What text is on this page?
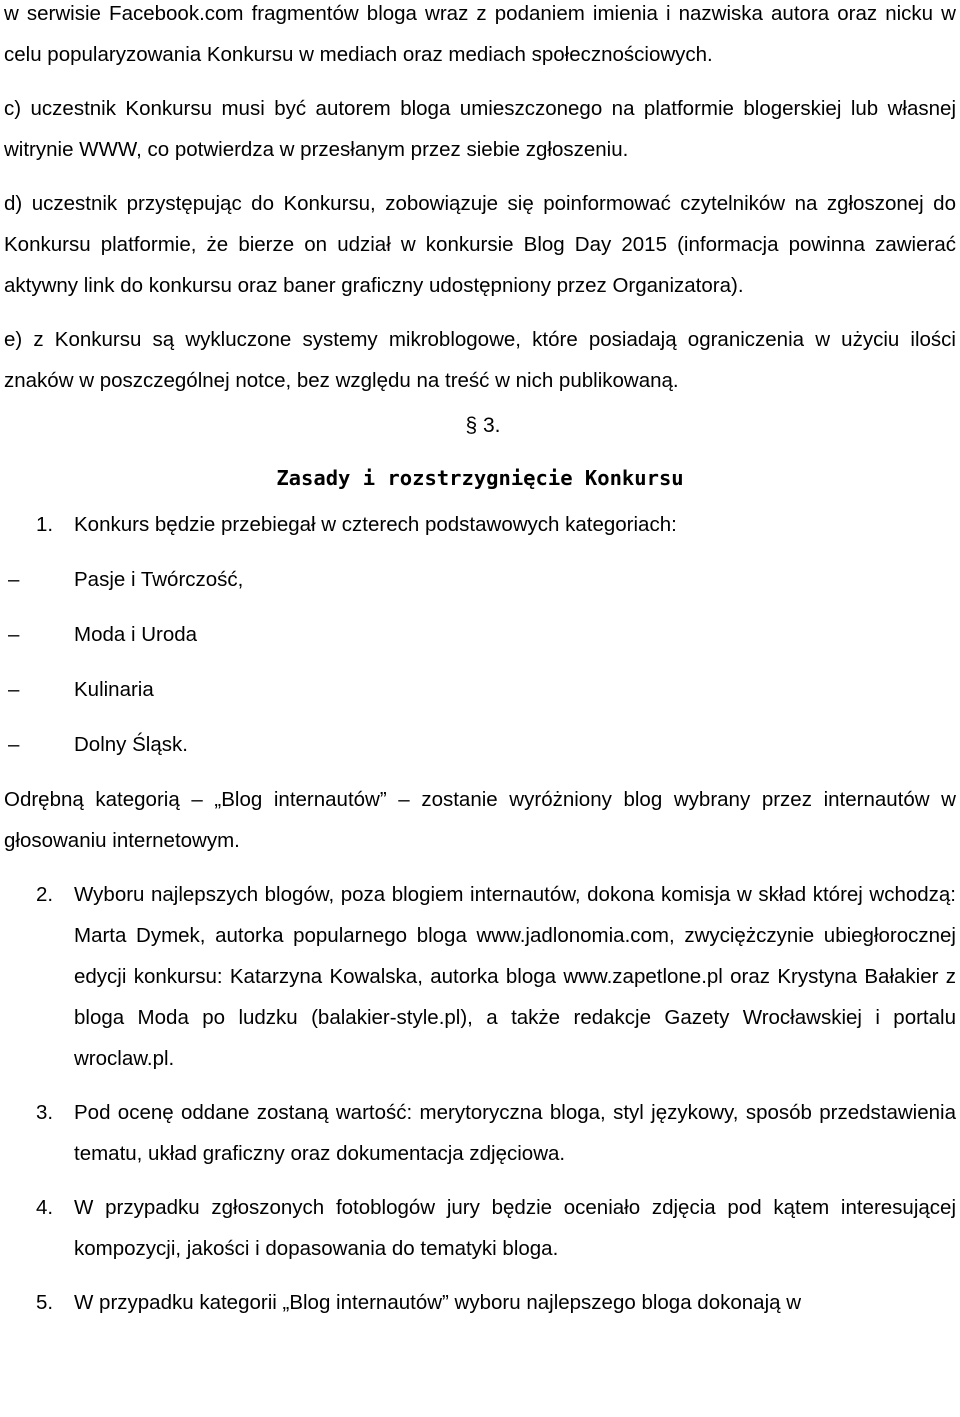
w serwisie Facebook.com fragmentów bloga wraz z podaniem imienia i nazwiska autora oraz nicku w celu popularyzowania Konkursu w mediach oraz mediach społecznościowych.

c) uczestnik Konkursu musi być autorem bloga umieszczonego na platformie blogerskiej lub własnej witrynie WWW, co potwierdza w przesłanym przez siebie zgłoszeniu.

d) uczestnik przystępując do Konkursu, zobowiązuje się poinformować czytelników na zgłoszonej do Konkursu platformie, że bierze on udział w konkursie Blog Day 2015 (informacja powinna zawierać aktywny link do konkursu oraz baner graficzny udostępniony przez Organizatora).

e) z Konkursu są wykluczone systemy mikroblogowe, które posiadają ograniczenia w użyciu ilości znaków w poszczególnej notce, bez względu na treść w nich publikowaną.

§ 3.
Zasady i rozstrzygnięcie Konkursu
1.	Konkurs będzie przebiegał w czterech podstawowych kategoriach:
–	Pasje i Twórczość,
–	Moda i Uroda
–	Kulinaria
–	Dolny Śląsk.

Odrębną kategorią – „Blog internautów” – zostanie wyróżniony blog wybrany przez internautów w głosowaniu internetowym.

2.	Wyboru najlepszych blogów, poza blogiem internautów, dokona komisja w skład której wchodzą: Marta Dymek, autorka popularnego bloga www.jadlonomia.com, zwyciężczynie ubiegłorocznej edycji konkursu: Katarzyna Kowalska, autorka bloga www.zapetlone.pl oraz Krystyna Bałakier z bloga Moda po ludzku (balakier-style.pl), a także redakcje Gazety Wrocławskiej i portalu wroclaw.pl.
3.	Pod ocenę oddane zostaną wartość: merytoryczna bloga, styl językowy, sposób przedstawienia tematu, układ graficzny oraz dokumentacja zdjęciowa.
4.	W przypadku zgłoszonych fotoblogów jury będzie oceniało zdjęcia pod kątem interesującej kompozycji, jakości i dopasowania do tematyki bloga.
5.	W przypadku kategorii „Blog internautów” wyboru najlepszego bloga dokonają w
